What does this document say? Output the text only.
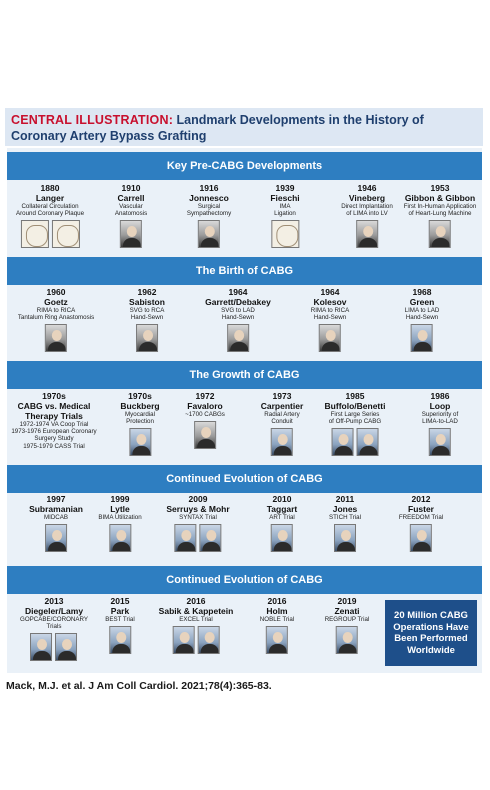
CENTRAL ILLUSTRATION: Landmark Developments in the History of Coronary Artery Bypass Grafting
Key Pre-CABG Developments
1880
Langer
Collateral Circulation
Around Coronary Plaque
1910
Carrell
Vascular
Anatomosis
1916
Jonnesco
Surgical
Sympathectomy
1939
Fieschi
IMA
Ligation
1946
Vineberg
Direct Implantation
of LIMA into LV
1953
Gibbon & Gibbon
First In-Human Application
of Heart-Lung Machine
The Birth of CABG
1960
Goetz
RIMA to RICA
Tantalum Ring Anastomosis
1962
Sabiston
SVG to RCA
Hand-Sewn
1964
Garrett/Debakey
SVG to LAD
Hand-Sewn
1964
Kolesov
RIMA to RICA
Hand-Sewn
1968
Green
LIMA to LAD
Hand-Sewn
The Growth of CABG
1970s
CABG vs. Medical
Therapy Trials
1972-1974 VA Coop Trial
1973-1976 European Coronary
Surgery Study
1975-1979 CASS Trial
1970s
Buckberg
Myocardial
Protection
1972
Favaloro
~1700 CABGs
1973
Carpentier
Radial Artery
Conduit
1985
Buffolo/Benetti
First Large Series
of Off-Pump CABG
1986
Loop
Superiority of
LIMA-to-LAD
Continued Evolution of CABG
1997
Subramanian
MIDCAB
1999
Lytle
BIMA Utilization
2009
Serruys & Mohr
SYNTAX Trial
2010
Taggart
ART Trial
2011
Jones
STICH Trial
2012
Fuster
FREEDOM Trial
Continued Evolution of CABG
2013
Diegeler/Lamy
GOPCABE/CORONARY
Trials
2015
Park
BEST Trial
2016
Sabik & Kappetein
EXCEL Trial
2016
Holm
NOBLE Trial
2019
Zenati
REGROUP Trial	20 Million CABG Operations Have Been Performed Worldwide
Mack, M.J. et al. J Am Coll Cardiol. 2021;78(4):365-83.
